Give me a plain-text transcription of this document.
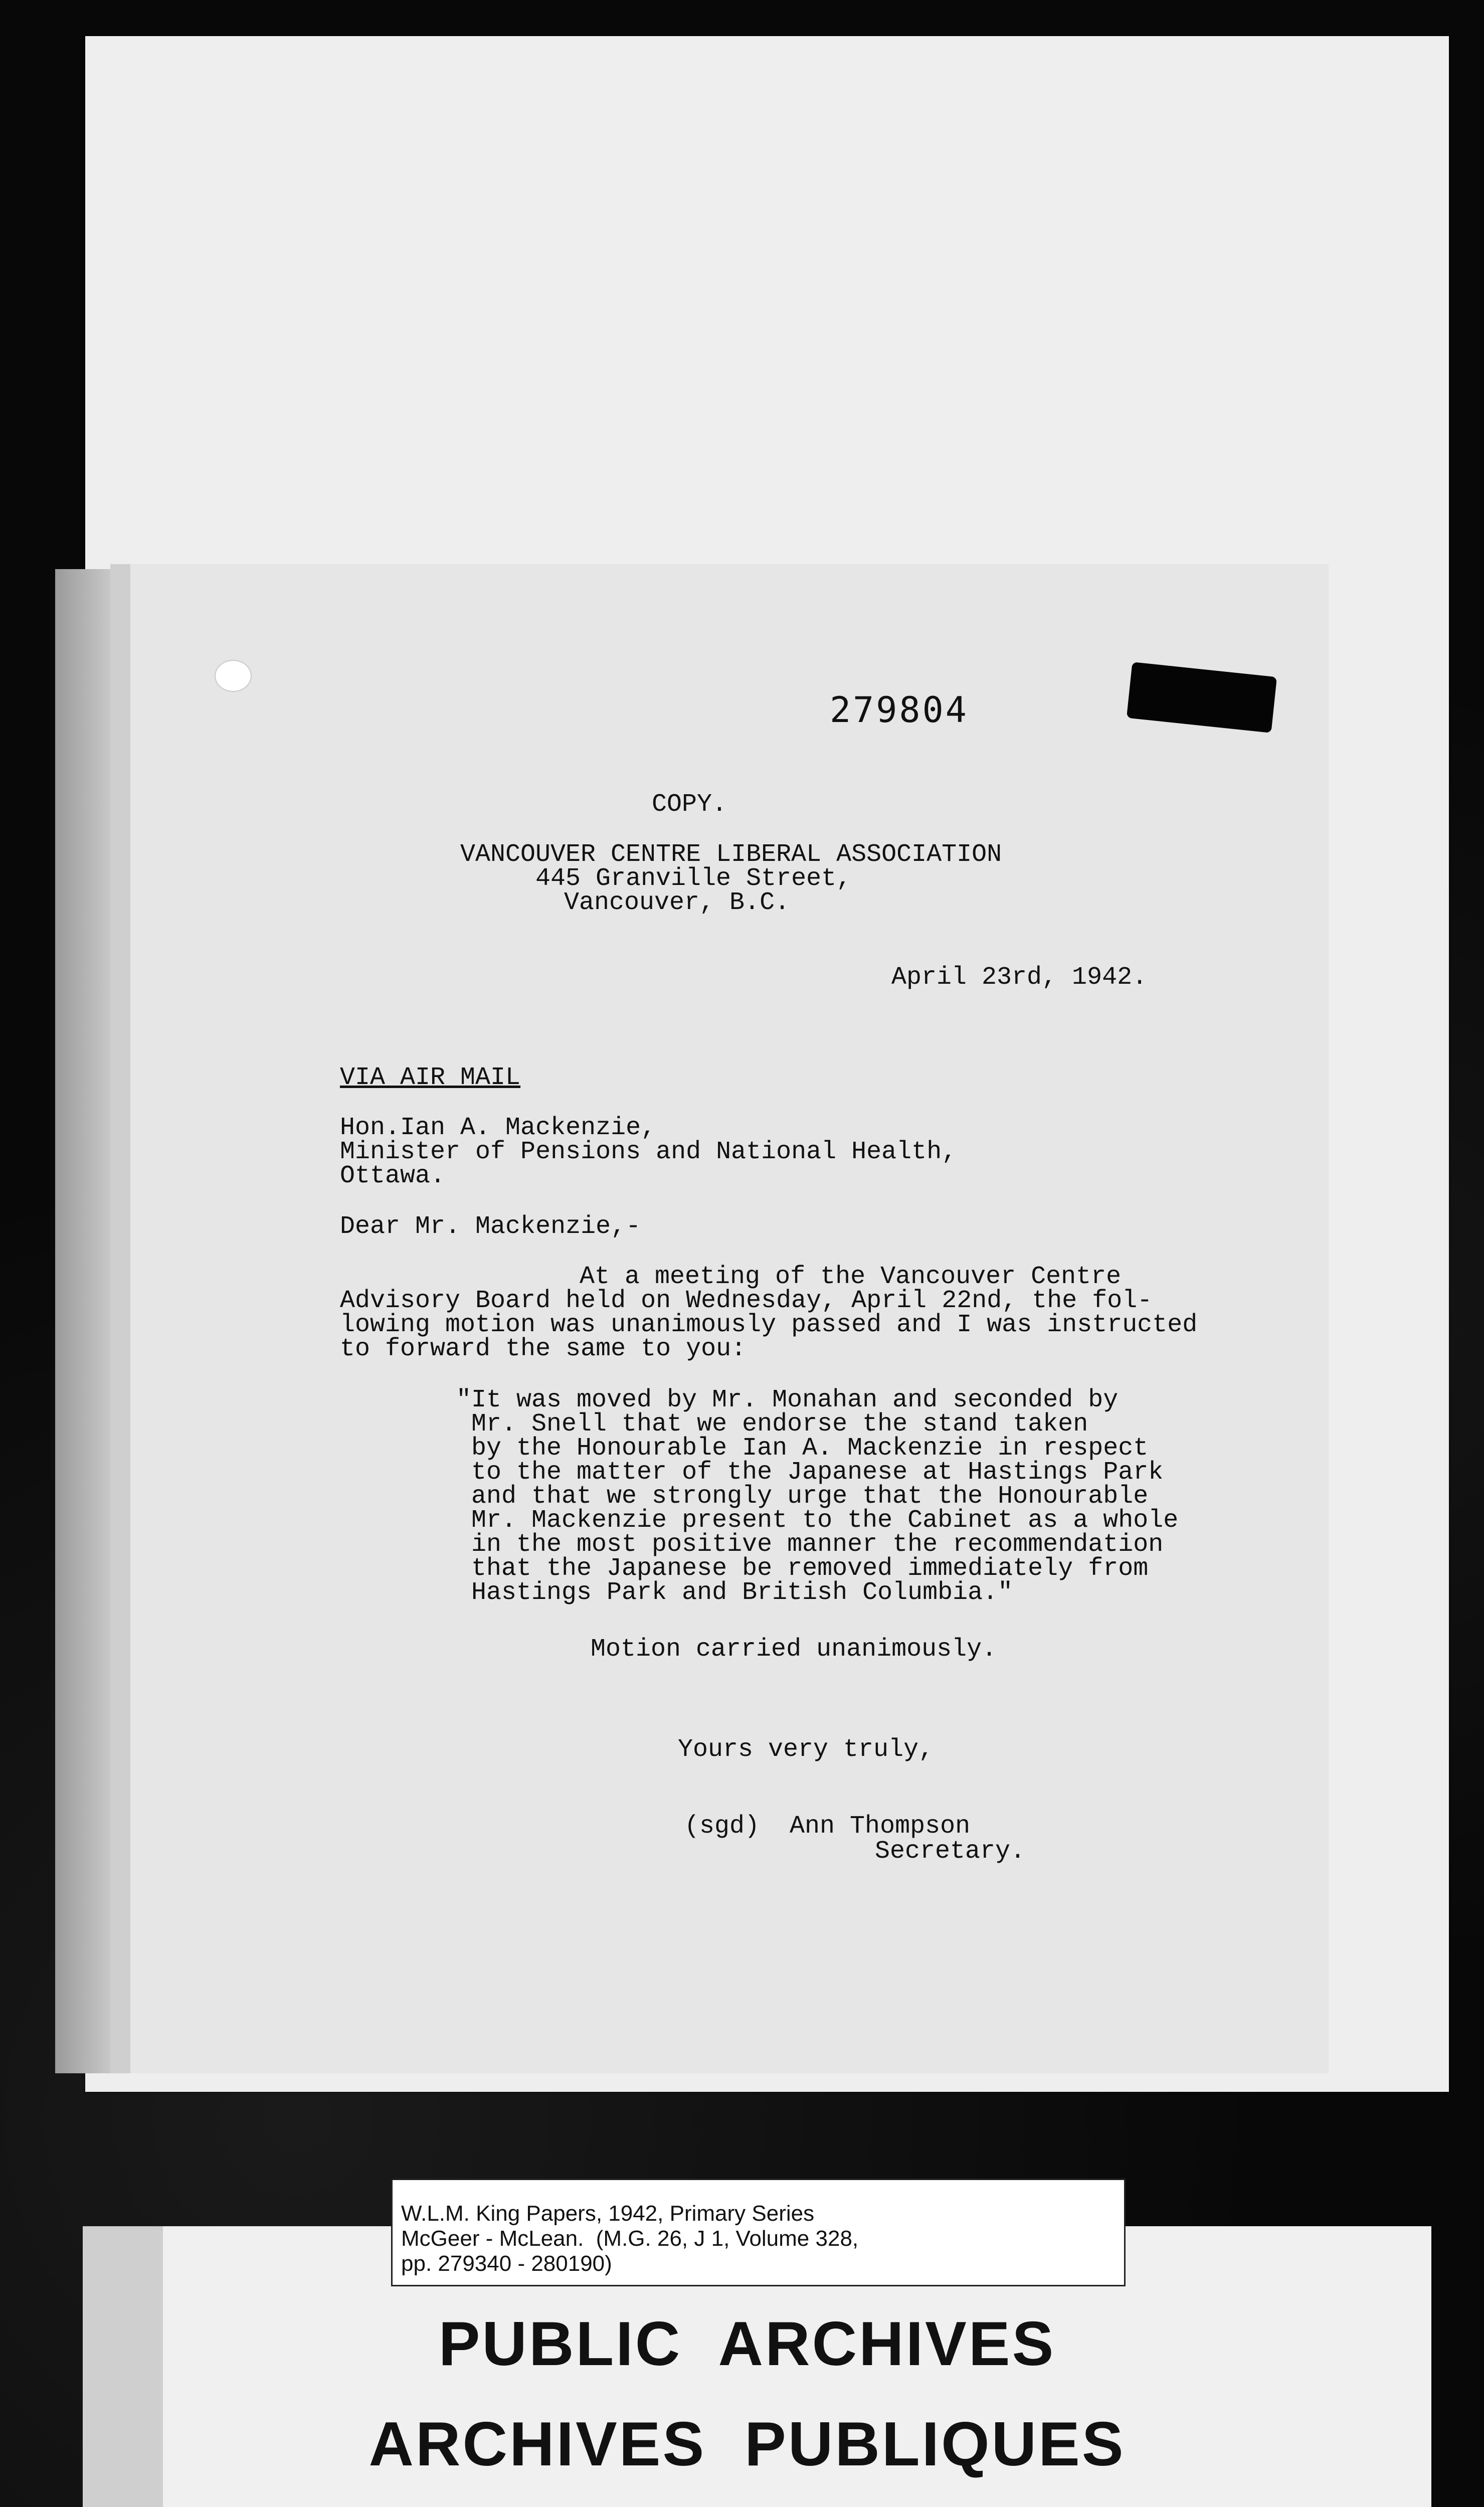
279804
COPY.
VANCOUVER CENTRE LIBERAL ASSOCIATION
445 Granville Street,
Vancouver, B.C.
April 23rd, 1942.
VIA AIR MAIL
Hon.Ian A. Mackenzie,
Minister of Pensions and National Health,
Ottawa.
Dear Mr. Mackenzie,-
At a meeting of the Vancouver Centre
Advisory Board held on Wednesday, April 22nd, the fol-
lowing motion was unanimously passed and I was instructed
to forward the same to you:
"It was moved by Mr. Monahan and seconded by
Mr. Snell that we endorse the stand taken
by the Honourable Ian A. Mackenzie in respect
to the matter of the Japanese at Hastings Park
and that we strongly urge that the Honourable
Mr. Mackenzie present to the Cabinet as a whole
in the most positive manner the recommendation
that the Japanese be removed immediately from
Hastings Park and British Columbia."
Motion carried unanimously.
Yours very truly,
(sgd)  Ann Thompson
Secretary.
W.L.M. King Papers, 1942, Primary Series
McGeer - McLean.  (M.G. 26, J 1, Volume 328,
pp. 279340 - 280190)
PUBLIC  ARCHIVES
ARCHIVES  PUBLIQUES
